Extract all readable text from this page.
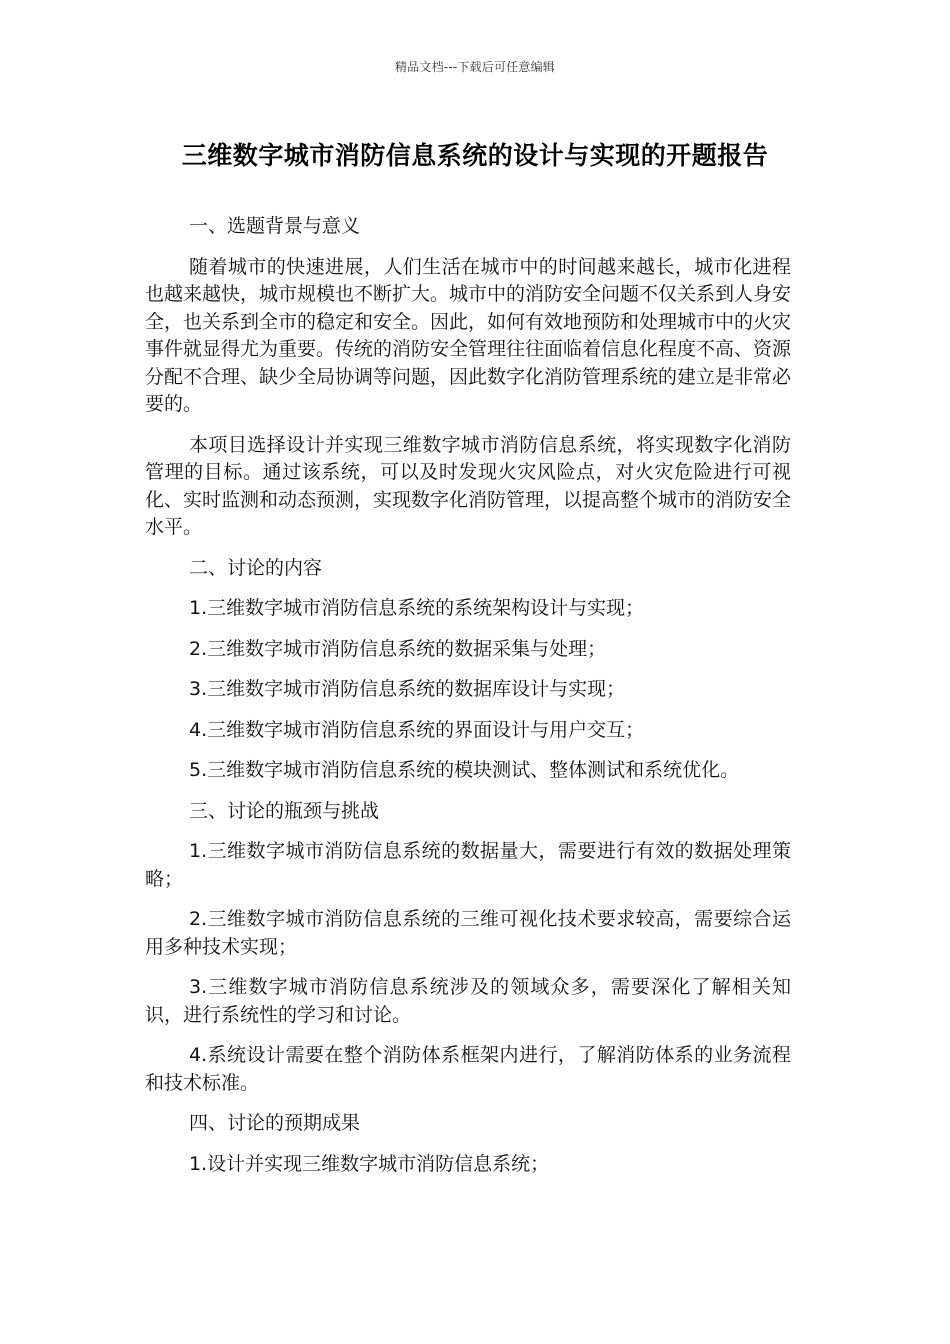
精品文档---下载后可任意编辑
三维数字城市消防信息系统的设计与实现的开题报告

一、选题背景与意义

随着城市的快速进展，人们生活在城市中的时间越来越长，城市化进程也越来越快，城市规模也不断扩大。城市中的消防安全问题不仅关系到人身安全，也关系到全市的稳定和安全。因此，如何有效地预防和处理城市中的火灾事件就显得尤为重要。传统的消防安全管理往往面临着信息化程度不高、资源分配不合理、缺少全局协调等问题，因此数字化消防管理系统的建立是非常必要的。

本项目选择设计并实现三维数字城市消防信息系统，将实现数字化消防管理的目标。通过该系统，可以及时发现火灾风险点，对火灾危险进行可视化、实时监测和动态预测，实现数字化消防管理，以提高整个城市的消防安全水平。

二、讨论的内容

1.三维数字城市消防信息系统的系统架构设计与实现；

2.三维数字城市消防信息系统的数据采集与处理；

3.三维数字城市消防信息系统的数据库设计与实现；

4.三维数字城市消防信息系统的界面设计与用户交互；

5.三维数字城市消防信息系统的模块测试、整体测试和系统优化。

三、讨论的瓶颈与挑战

1.三维数字城市消防信息系统的数据量大，需要进行有效的数据处理策略；

2.三维数字城市消防信息系统的三维可视化技术要求较高，需要综合运用多种技术实现；

3.三维数字城市消防信息系统涉及的领域众多，需要深化了解相关知识，进行系统性的学习和讨论。

4.系统设计需要在整个消防体系框架内进行，了解消防体系的业务流程和技术标准。

四、讨论的预期成果

1.设计并实现三维数字城市消防信息系统；
